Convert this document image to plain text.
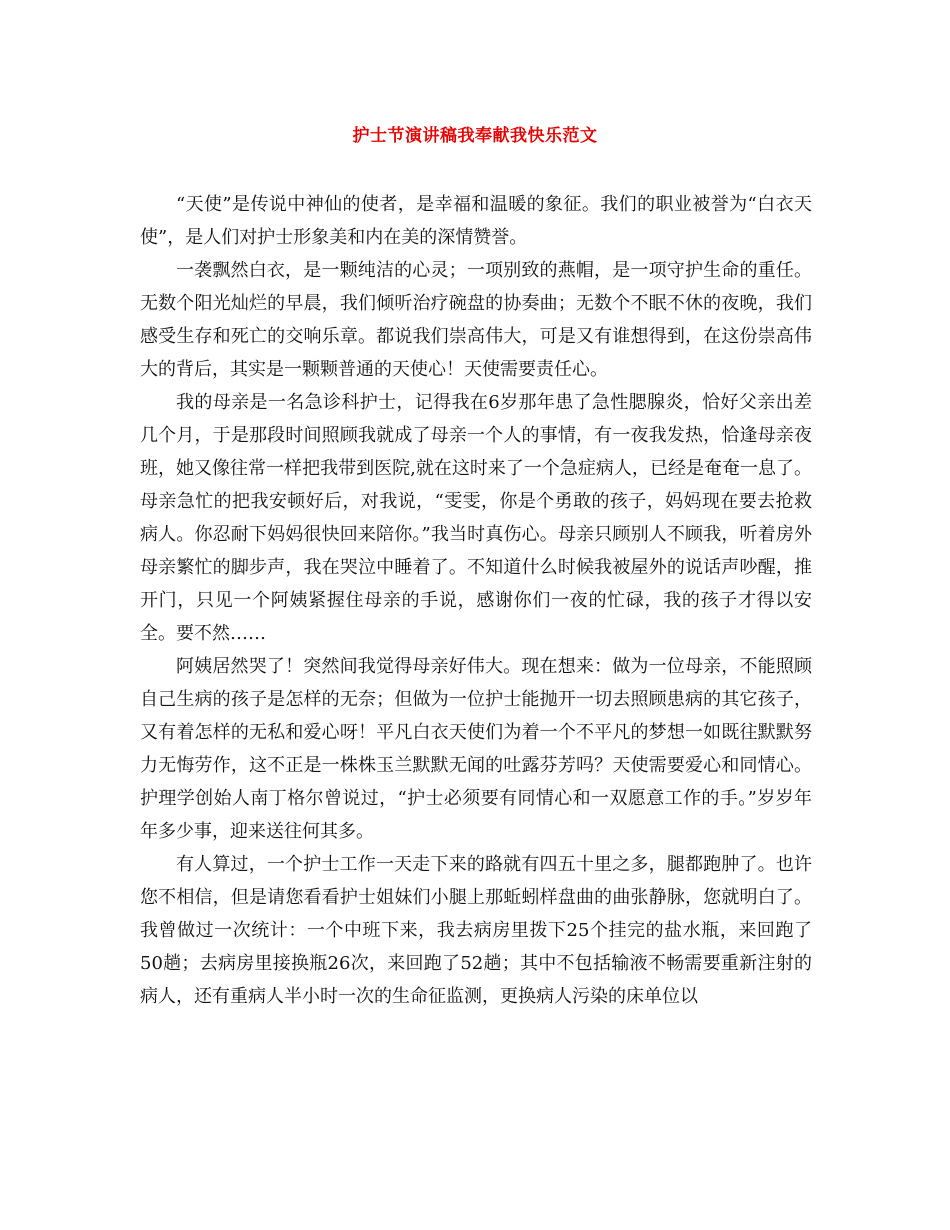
护士节演讲稿我奉献我快乐范文

“天使”是传说中神仙的使者，是幸福和温暖的象征。我们的职业被誉为“白衣天使”，是人们对护士形象美和内在美的深情赞誉。

一袭飘然白衣，是一颗纯洁的心灵；一项别致的燕帽，是一项守护生命的重任。无数个阳光灿烂的早晨，我们倾听治疗碗盘的协奏曲；无数个不眠不休的夜晚，我们感受生存和死亡的交响乐章。都说我们崇高伟大，可是又有谁想得到，在这份崇高伟大的背后，其实是一颗颗普通的天使心！天使需要责任心。

我的母亲是一名急诊科护士，记得我在6岁那年患了急性腮腺炎，恰好父亲出差几个月，于是那段时间照顾我就成了母亲一个人的事情，有一夜我发热，恰逢母亲夜班，她又像往常一样把我带到医院,就在这时来了一个急症病人，已经是奄奄一息了。母亲急忙的把我安顿好后，对我说，“雯雯，你是个勇敢的孩子，妈妈现在要去抢救病人。你忍耐下妈妈很快回来陪你。”我当时真伤心。母亲只顾别人不顾我，听着房外母亲繁忙的脚步声，我在哭泣中睡着了。不知道什么时候我被屋外的说话声吵醒，推开门，只见一个阿姨紧握住母亲的手说，感谢你们一夜的忙碌，我的孩子才得以安全。要不然……

阿姨居然哭了！突然间我觉得母亲好伟大。现在想来：做为一位母亲，不能照顾自己生病的孩子是怎样的无奈；但做为一位护士能抛开一切去照顾患病的其它孩子，又有着怎样的无私和爱心呀！平凡白衣天使们为着一个不平凡的梦想一如既往默默努力无悔劳作，这不正是一株株玉兰默默无闻的吐露芬芳吗？天使需要爱心和同情心。护理学创始人南丁格尔曾说过，“护士必须要有同情心和一双愿意工作的手。”岁岁年年多少事，迎来送往何其多。

有人算过，一个护士工作一天走下来的路就有四五十里之多，腿都跑肿了。也许您不相信，但是请您看看护士姐妹们小腿上那蚯蚓样盘曲的曲张静脉，您就明白了。我曾做过一次统计：一个中班下来，我去病房里拨下25个挂完的盐水瓶，来回跑了50趟；去病房里接换瓶26次，来回跑了52趟；其中不包括输液不畅需要重新注射的病人，还有重病人半小时一次的生命征监测，更换病人污染的床单位以
